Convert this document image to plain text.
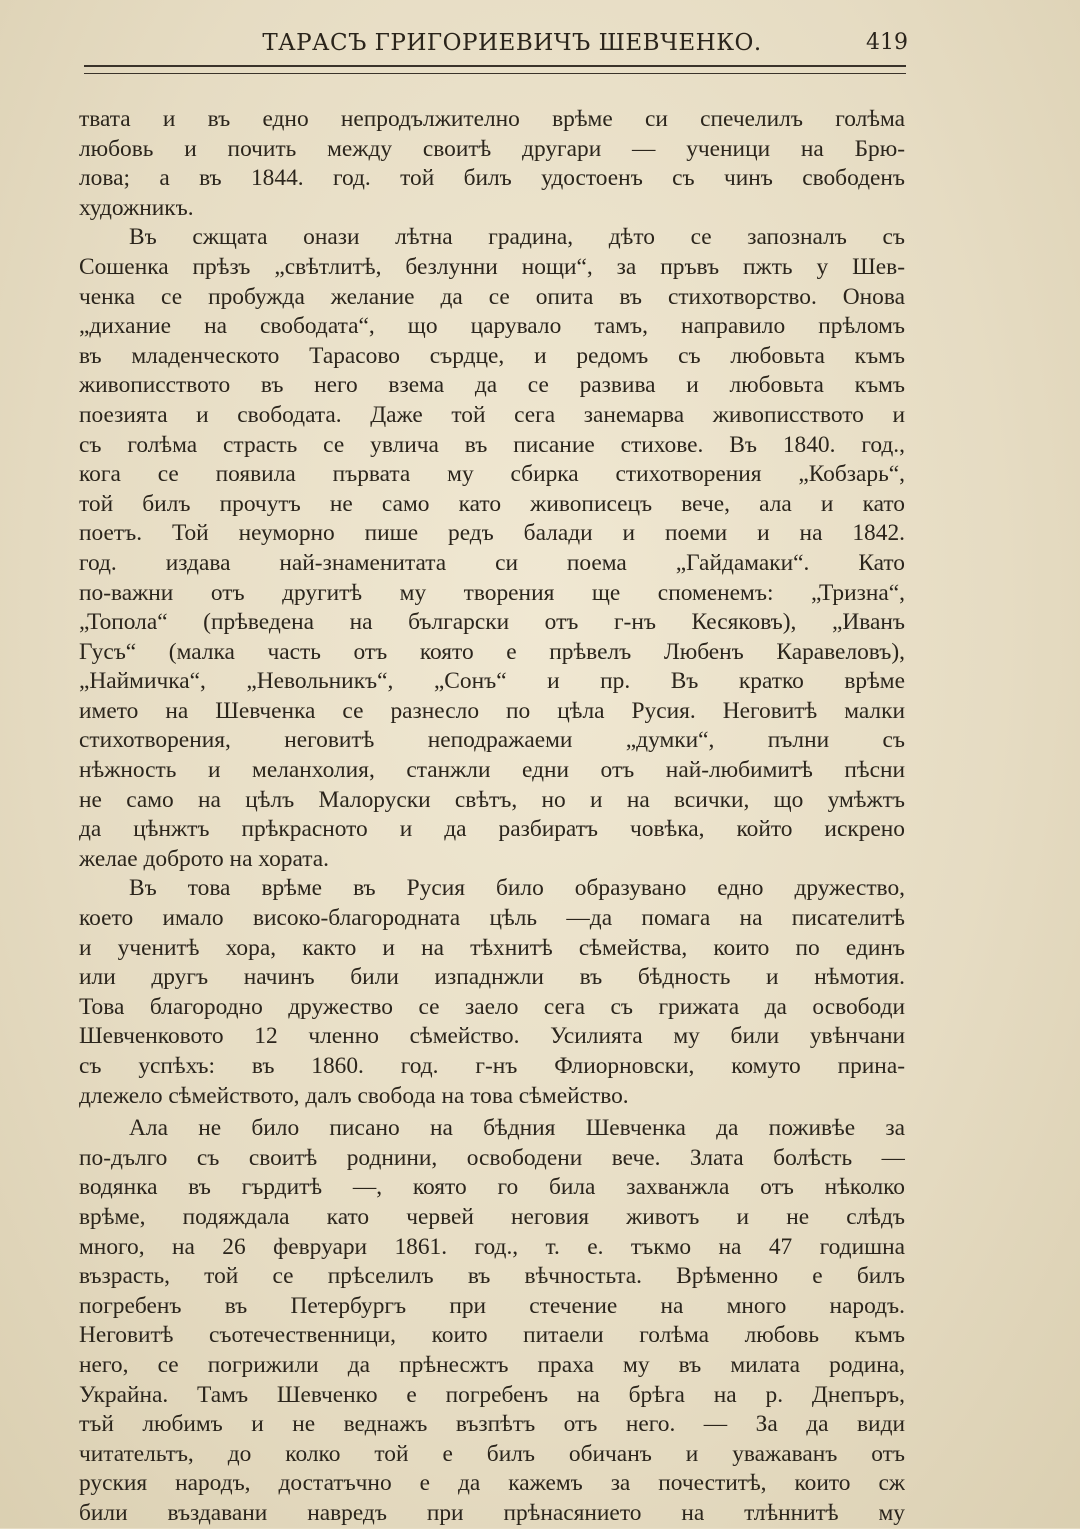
ТАРАСЪ ГРИГОРИЕВИЧЪ ШЕВЧЕНКО.	419
твата и въ едно непродължително врѣме си спечелилъ голѣма
любовь и почить между своитѣ другари — ученици на Брю-
лова; а въ 1844. год. той билъ удостоенъ съ чинъ свободенъ
художникъ.
Въ сжщата онази лѣтна градина, дѣто се запозналъ съ
Сошенка прѣзъ „свѣтлитѣ, безлунни нощи“, за пръвъ пжть у Шев-
ченка се пробужда желание да се опита въ стихотворство. Онова
„дихание на свободата“, що царувало тамъ, направило прѣломъ
въ младенческото Тарасово сърдце, и редомъ съ любовьта къмъ
живописството въ него взема да се развива и любовьта къмъ
поезията и свободата. Даже той сега занемарва живописството и
съ голѣма страсть се увлича въ писание стихове. Въ 1840. год.,
кога се появила първата му сбирка стихотворения „Кобзарь“,
той билъ прочутъ не само като живописецъ вече, ала и като
поетъ. Той неуморно пише редъ балади и поеми и на 1842.
год. издава най-знаменитата си поема „Гайдамаки“. Като
по-важни отъ другитѣ му творения ще споменемъ: „Тризна“,
„Топола“ (прѣведена на български отъ г-нъ Кесяковъ), „Иванъ
Гусъ“ (малка часть отъ която е прѣвелъ Любенъ Каравеловъ),
„Наймичка“, „Невольникъ“, „Сонъ“ и пр. Въ кратко врѣме
името на Шевченка се разнесло по цѣла Русия. Неговитѣ малки
стихотворения, неговитѣ неподражаеми „думки“, пълни съ
нѣжность и меланхолия, станжли едни отъ най-любимитѣ пѣсни
не само на цѣлъ Малоруски свѣтъ, но и на всички, що умѣжтъ
да цѣнжтъ прѣкрасното и да разбиратъ човѣка, който искрено
желае доброто на хората.
Въ това врѣме въ Русия било образувано едно дружество,
което имало високо-благородната цѣль —да помага на писателитѣ
и ученитѣ хора, както и на тѣхнитѣ сѣмейства, които по единъ
или другъ начинъ били изпаднжли въ бѣдность и нѣмотия.
Това благородно дружество се заело сега съ грижата да освободи
Шевченковото 12 членно сѣмейство. Усилията му били увѣнчани
съ успѣхъ: въ 1860. год. г-нъ Флиорновски, комуто прина-
длежело сѣмейството, далъ свобода на това сѣмейство.
Ала не било писано на бѣдния Шевченка да поживѣе за
по-дълго съ своитѣ роднини, освободени вече. Злата болѣсть —
водянка въ гърдитѣ —, която го била захванжла отъ нѣколко
врѣме, подяждала като червей неговия животъ и не слѣдъ
много, на 26 февруари 1861. год., т. е. тъкмо на 47 годишна
възрасть, той се прѣселилъ въ вѣчностьта. Врѣменно е билъ
погребенъ въ Петербургъ при стечение на много народъ.
Неговитѣ съотечественници, които питаели голѣма любовь къмъ
него, се погрижили да прѣнесжтъ праха му въ милата родина,
Украйна. Тамъ Шевченко е погребенъ на брѣга на р. Днепъръ,
тъй любимъ и не веднажъ възпѣтъ отъ него. — За да види
читательтъ, до колко той е билъ обичанъ и уважаванъ отъ
руския народъ, достатъчно е да кажемъ за почеститѣ, които сж
били въздавани навредъ при прѣнасянието на тлѣннитѣ му
